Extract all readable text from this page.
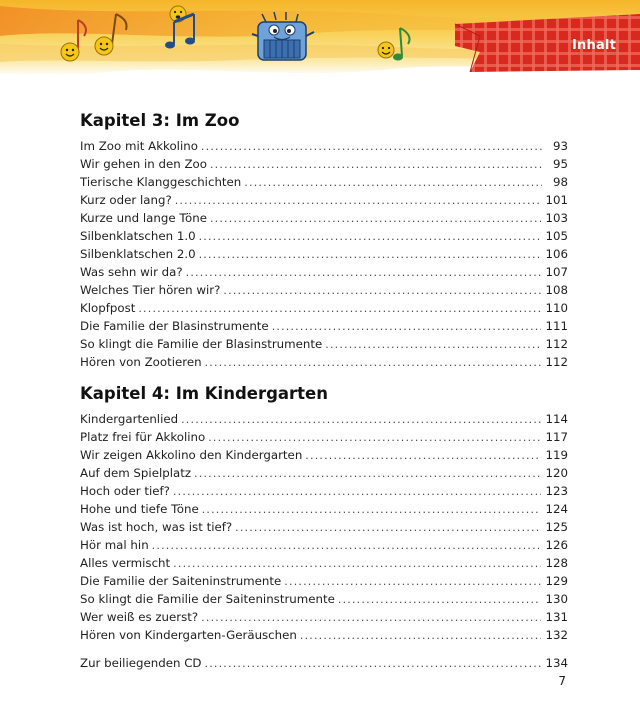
Inhalt
Kapitel 3: Im Zoo
Im Zoo mit Akkolino .....	93
Wir gehen in den Zoo .....	95
Tierische Klanggeschichten .....	98
Kurz oder lang? .....	101
Kurze und lange Töne .....	103
Silbenklatschen 1.0 .....	105
Silbenklatschen 2.0 .....	106
Was sehn wir da? .....	107
Welches Tier hören wir? .....	108
Klopfpost .....	110
Die Familie der Blasinstrumente .....	111
So klingt die Familie der Blasinstrumente .....	112
Hören von Zootieren .....	112
Kapitel 4: Im Kindergarten
Kindergartenlied .....	114
Platz frei für Akkolino .....	117
Wir zeigen Akkolino den Kindergarten .....	119
Auf dem Spielplatz .....	120
Hoch oder tief? .....	123
Hohe und tiefe Töne .....	124
Was ist hoch, was ist tief? .....	125
Hör mal hin .....	126
Alles vermischt .....	128
Die Familie der Saiteninstrumente .....	129
So klingt die Familie der Saiteninstrumente .....	130
Wer weiß es zuerst? .....	131
Hören von Kindergarten-Geräuschen .....	132
Zur beiliegenden CD .....	134
7
